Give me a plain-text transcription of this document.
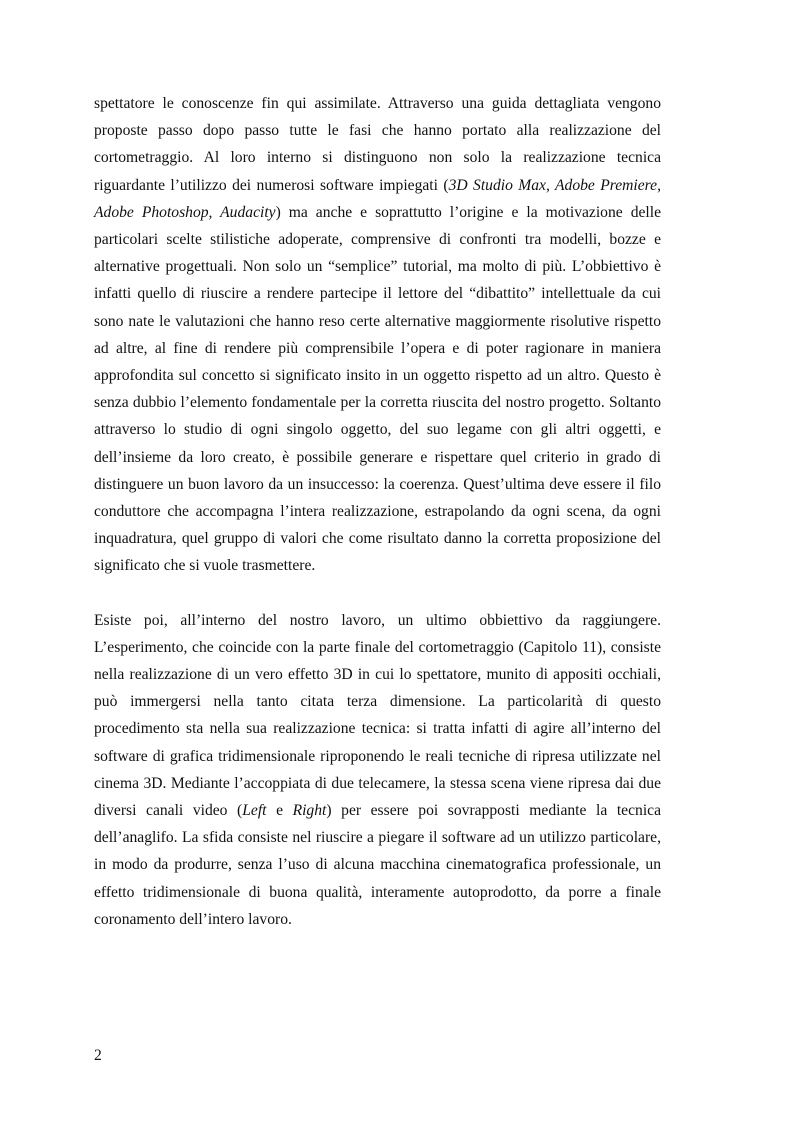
spettatore le conoscenze fin qui assimilate. Attraverso una guida dettagliata vengono proposte passo dopo passo tutte le fasi che hanno portato alla realizzazione del cortometraggio. Al loro interno si distinguono non solo la realizzazione tecnica riguardante l’utilizzo dei numerosi software impiegati (3D Studio Max, Adobe Premiere, Adobe Photoshop, Audacity) ma anche e soprattutto l’origine e la motivazione delle particolari scelte stilistiche adoperate, comprensive di confronti tra modelli, bozze e alternative progettuali. Non solo un “semplice” tutorial, ma molto di più. L’obbiettivo è infatti quello di riuscire a rendere partecipe il lettore del “dibattito” intellettuale da cui sono nate le valutazioni che hanno reso certe alternative maggiormente risolutive rispetto ad altre, al fine di rendere più comprensibile l’opera e di poter ragionare in maniera approfondita sul concetto si significato insito in un oggetto rispetto ad un altro. Questo è senza dubbio l’elemento fondamentale per la corretta riuscita del nostro progetto. Soltanto attraverso lo studio di ogni singolo oggetto, del suo legame con gli altri oggetti, e dell’insieme da loro creato, è possibile generare e rispettare quel criterio in grado di distinguere un buon lavoro da un insuccesso: la coerenza. Quest’ultima deve essere il filo conduttore che accompagna l’intera realizzazione, estrapolando da ogni scena, da ogni inquadratura, quel gruppo di valori che come risultato danno la corretta proposizione del significato che si vuole trasmettere.

Esiste poi, all’interno del nostro lavoro, un ultimo obbiettivo da raggiungere. L’esperimento, che coincide con la parte finale del cortometraggio (Capitolo 11), consiste nella realizzazione di un vero effetto 3D in cui lo spettatore, munito di appositi occhiali, può immergersi nella tanto citata terza dimensione. La particolarità di questo procedimento sta nella sua realizzazione tecnica: si tratta infatti di agire all’interno del software di grafica tridimensionale riproponendo le reali tecniche di ripresa utilizzate nel cinema 3D. Mediante l’accoppiata di due telecamere, la stessa scena viene ripresa dai due diversi canali video (Left e Right) per essere poi sovrapposti mediante la tecnica dell’anaglifo. La sfida consiste nel riuscire a piegare il software ad un utilizzo particolare, in modo da produrre, senza l’uso di alcuna macchina cinematografica professionale, un effetto tridimensionale di buona qualità, interamente autoprodotto, da porre a finale coronamento dell’intero lavoro.

2
